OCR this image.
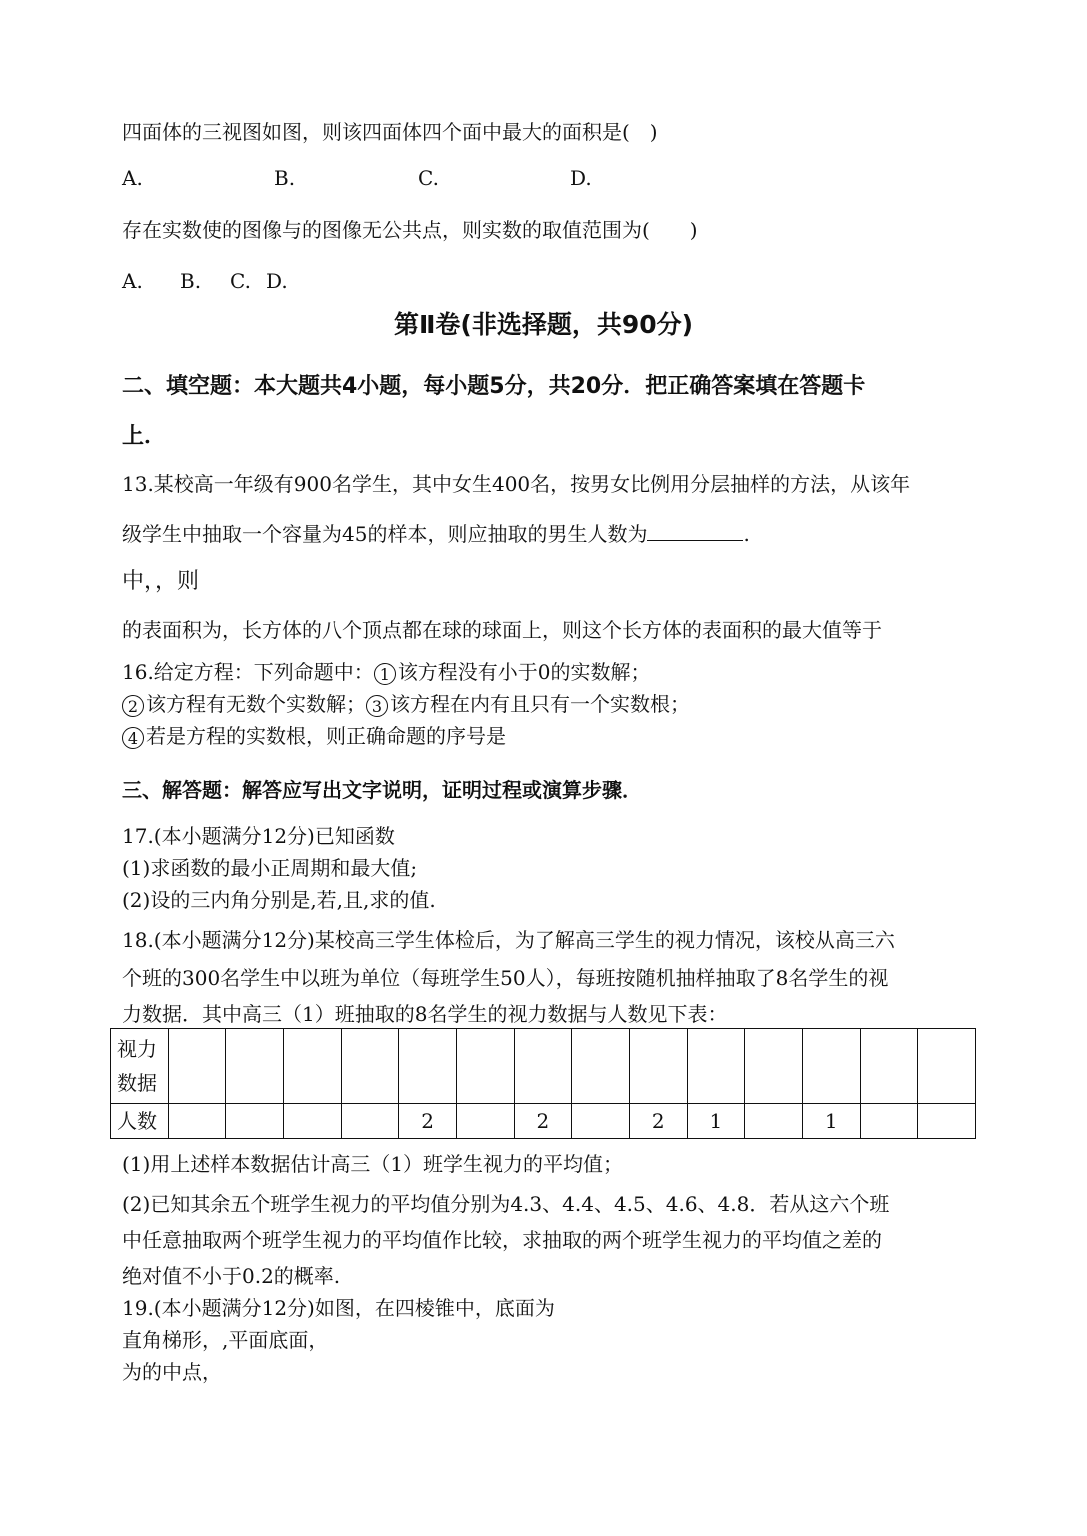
四面体的三视图如图，则该四面体四个面中最大的面积是(　)
A.	B.	C.	D.
存在实数使的图像与的图像无公共点，则实数的取值范围为(　　)
A. B. C. D.
第Ⅱ卷(非选择题，共90分)
二、填空题：本大题共4小题，每小题5分，共20分．把正确答案填在答题卡
上．
13.某校高一年级有900名学生，其中女生400名，按男女比例用分层抽样的方法，从该年
级学生中抽取一个容量为45的样本，则应抽取的男生人数为	.
中，，则
的表面积为，长方体的八个顶点都在球的球面上，则这个长方体的表面积的最大值等于
16.给定方程：下列命题中： 1 该方程没有小于0的实数解；
2 该方程有无数个实数解； 3 该方程在内有且只有一个实数根；
4 若是方程的实数根，则正确命题的序号是
三、解答题：解答应写出文字说明，证明过程或演算步骤．
17.(本小题满分12分)已知函数
(1)求函数的最小正周期和最大值;
(2)设的三内角分别是,若,且,求的值.
18.(本小题满分12分)某校高三学生体检后，为了解高三学生的视力情况，该校从高三六
个班的300名学生中以班为单位（每班学生50人），每班按随机抽样抽取了8名学生的视
力数据．其中高三（1）班抽取的8名学生的视力数据与人数见下表：
视力
数据														

人数					2		2		2	1		1		
(1)用上述样本数据估计高三（1）班学生视力的平均值；
(2)已知其余五个班学生视力的平均值分别为4.3、4.4、4.5、4.6、4.8．若从这六个班
中任意抽取两个班学生视力的平均值作比较，求抽取的两个班学生视力的平均值之差的
绝对值不小于0.2的概率.
19.(本小题满分12分)如图，在四棱锥中，底面为
直角梯形，,平面底面，
为的中点，
